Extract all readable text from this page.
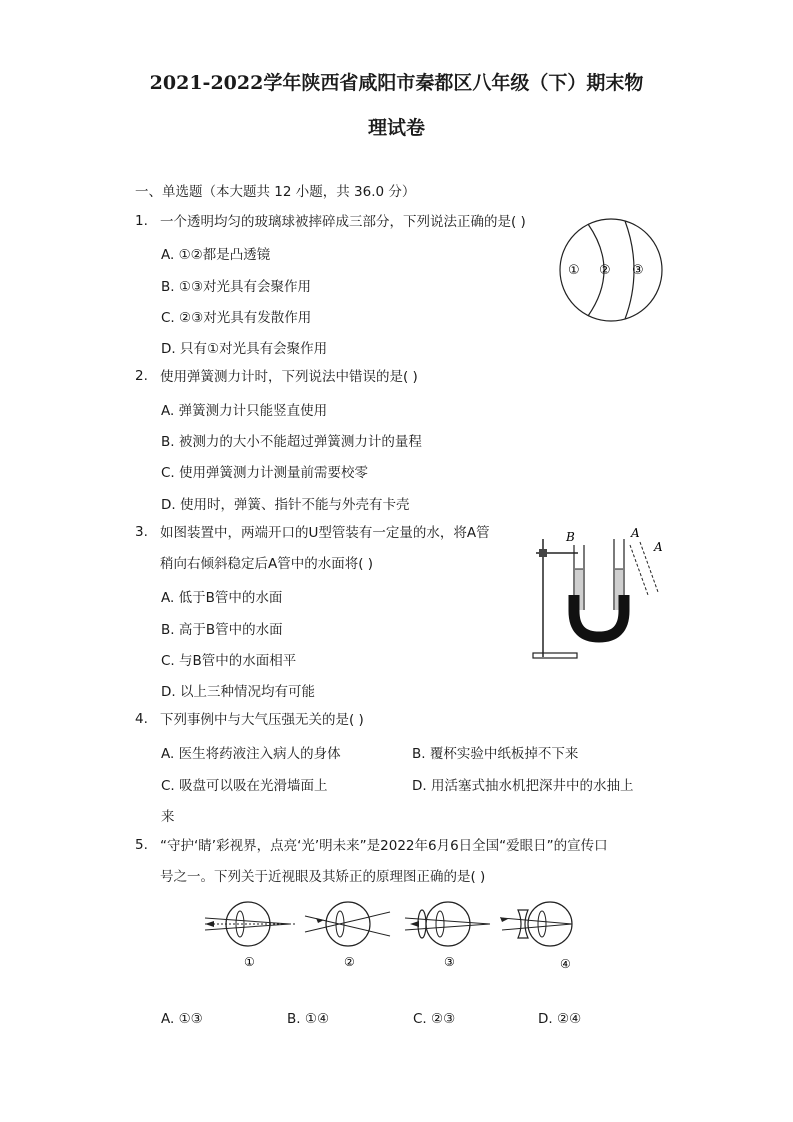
2021-2022学年陕西省咸阳市秦都区八年级（下）期末物
理试卷
一、单选题（本大题共 12 小题，共 36.0 分）
1. 一个透明均匀的玻璃球被摔碎成三部分，下列说法正确的是( )
A. ①②都是凸透镜
B. ①③对光具有会聚作用
C. ②③对光具有发散作用
D. 只有①对光具有会聚作用
① ② ③
2. 使用弹簧测力计时，下列说法中错误的是( )
A. 弹簧测力计只能竖直使用
B. 被测力的大小不能超过弹簧测力计的量程
C. 使用弹簧测力计测量前需要校零
D. 使用时，弹簧、指针不能与外壳有卡壳
3. 如图装置中，两端开口的U型管装有一定量的水，将A管
稍向右倾斜稳定后A管中的水面将( )
A. 低于B管中的水面
B. 高于B管中的水面
C. 与B管中的水面相平
D. 以上三种情况均有可能
B	A
A
4. 下列事例中与大气压强无关的是( )
A. 医生将药液注入病人的身体	B. 覆杯实验中纸板掉不下来
C. 吸盘可以吸在光滑墙面上	D. 用活塞式抽水机把深井中的水抽上
来
5. “守护‘睛’彩视界，点亮‘光’明未来”是2022年6月6日全国“爱眼日”的宣传口
号之一。下列关于近视眼及其矫正的原理图正确的是( )
①	②	③	④
A. ①③	B. ①④	C. ②③	D. ②④
